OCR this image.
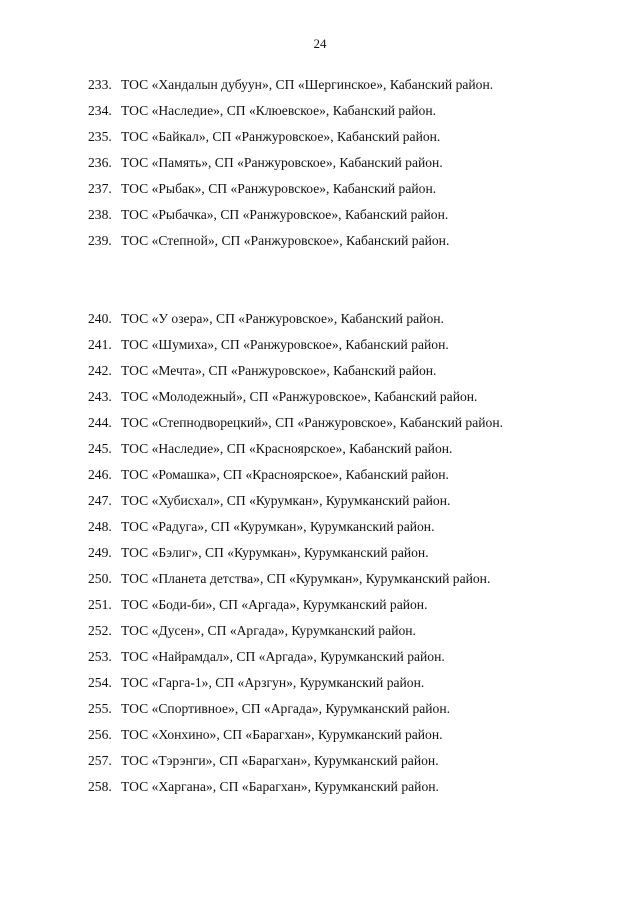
24
233. ТОС «Хандалын дубуун», СП «Шергинское», Кабанский район.
234. ТОС «Наследие», СП «Клюевское», Кабанский район.
235. ТОС «Байкал», СП «Ранжуровское», Кабанский район.
236. ТОС «Память», СП «Ранжуровское», Кабанский район.
237. ТОС «Рыбак», СП «Ранжуровское», Кабанский район.
238. ТОС «Рыбачка», СП «Ранжуровское», Кабанский район.
239. ТОС «Степной», СП «Ранжуровское», Кабанский район.
240. ТОС «У озера», СП «Ранжуровское», Кабанский район.
241. ТОС «Шумиха», СП «Ранжуровское», Кабанский район.
242. ТОС «Мечта», СП «Ранжуровское», Кабанский район.
243. ТОС «Молодежный», СП «Ранжуровское», Кабанский район.
244. ТОС «Степнодворецкий», СП «Ранжуровское», Кабанский район.
245. ТОС «Наследие», СП «Красноярское», Кабанский район.
246. ТОС «Ромашка», СП «Красноярское», Кабанский район.
247. ТОС «Хубисхал», СП «Курумкан», Курумканский район.
248. ТОС «Радуга», СП «Курумкан», Курумканский район.
249. ТОС «Бэлиг», СП «Курумкан», Курумканский район.
250. ТОС «Планета детства», СП «Курумкан», Курумканский район.
251. ТОС «Боди-би», СП «Аргада», Курумканский район.
252. ТОС «Дусен», СП «Аргада», Курумканский район.
253. ТОС «Найрамдал», СП «Аргада», Курумканский район.
254. ТОС «Гарга-1», СП «Арзгун», Курумканский район.
255. ТОС «Спортивное», СП «Аргада», Курумканский район.
256. ТОС «Хонхино», СП «Барагхан», Курумканский район.
257. ТОС «Тэрэнги», СП «Барагхан», Курумканский район.
258. ТОС «Харгана», СП «Барагхан», Курумканский район.
